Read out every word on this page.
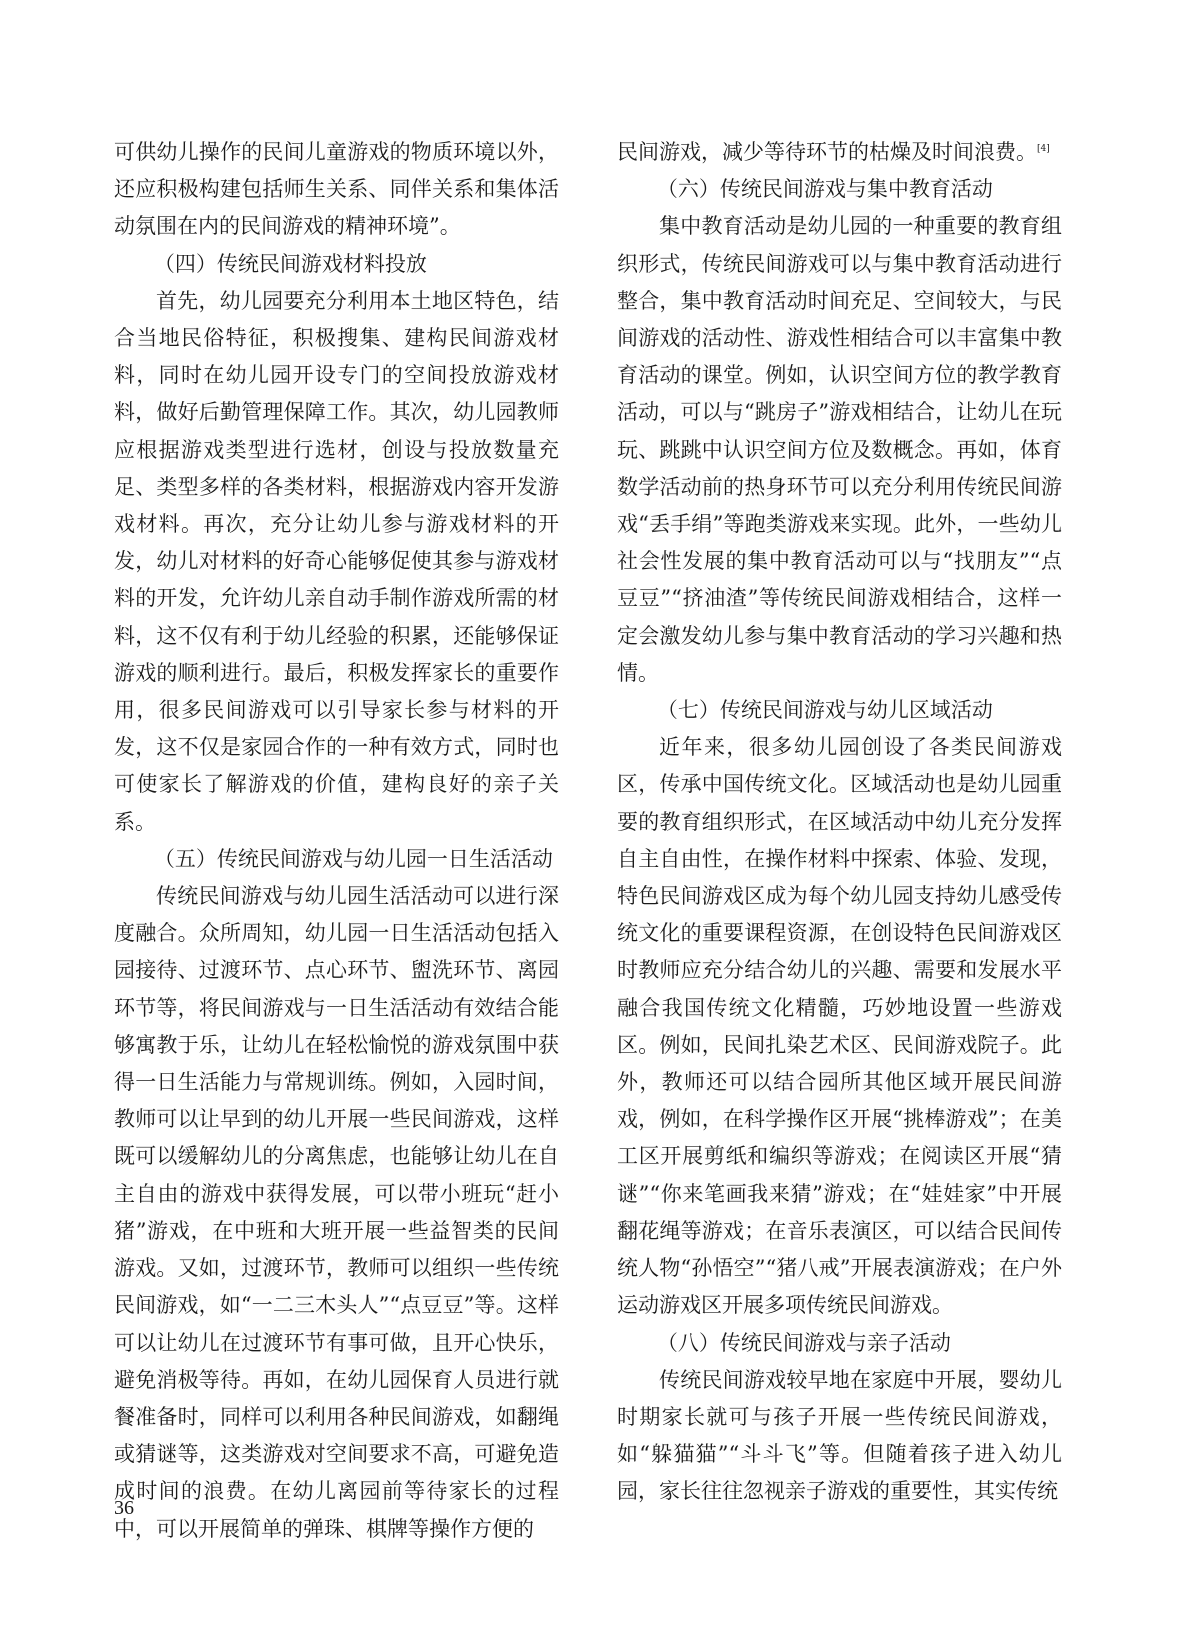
可供幼儿操作的民间儿童游戏的物质环境以外，还应积极构建包括师生关系、同伴关系和集体活动氛围在内的民间游戏的精神环境”。

（四）传统民间游戏材料投放

首先，幼儿园要充分利用本土地区特色，结合当地民俗特征，积极搜集、建构民间游戏材料，同时在幼儿园开设专门的空间投放游戏材料，做好后勤管理保障工作。其次，幼儿园教师应根据游戏类型进行选材，创设与投放数量充足、类型多样的各类材料，根据游戏内容开发游戏材料。再次，充分让幼儿参与游戏材料的开发，幼儿对材料的好奇心能够促使其参与游戏材料的开发，允许幼儿亲自动手制作游戏所需的材料，这不仅有利于幼儿经验的积累，还能够保证游戏的顺利进行。最后，积极发挥家长的重要作用，很多民间游戏可以引导家长参与材料的开发，这不仅是家园合作的一种有效方式，同时也可使家长了解游戏的价值，建构良好的亲子关系。

（五）传统民间游戏与幼儿园一日生活活动

传统民间游戏与幼儿园生活活动可以进行深度融合。众所周知，幼儿园一日生活活动包括入园接待、过渡环节、点心环节、盥洗环节、离园环节等，将民间游戏与一日生活活动有效结合能够寓教于乐，让幼儿在轻松愉悦的游戏氛围中获得一日生活能力与常规训练。例如，入园时间，教师可以让早到的幼儿开展一些民间游戏，这样既可以缓解幼儿的分离焦虑，也能够让幼儿在自主自由的游戏中获得发展，可以带小班玩“赶小猪”游戏，在中班和大班开展一些益智类的民间游戏。又如，过渡环节，教师可以组织一些传统民间游戏，如“一二三木头人”“点豆豆”等。这样可以让幼儿在过渡环节有事可做，且开心快乐，避免消极等待。再如，在幼儿园保育人员进行就餐准备时，同样可以利用各种民间游戏，如翻绳或猜谜等，这类游戏对空间要求不高，可避免造成时间的浪费。在幼儿离园前等待家长的过程中，可以开展简单的弹珠、棋牌等操作方便的

民间游戏，减少等待环节的枯燥及时间浪费。[4]

（六）传统民间游戏与集中教育活动

集中教育活动是幼儿园的一种重要的教育组织形式，传统民间游戏可以与集中教育活动进行整合，集中教育活动时间充足、空间较大，与民间游戏的活动性、游戏性相结合可以丰富集中教育活动的课堂。例如，认识空间方位的教学教育活动，可以与“跳房子”游戏相结合，让幼儿在玩玩、跳跳中认识空间方位及数概念。再如，体育数学活动前的热身环节可以充分利用传统民间游戏“丢手绢”等跑类游戏来实现。此外，一些幼儿社会性发展的集中教育活动可以与“找朋友”“点豆豆”“挤油渣”等传统民间游戏相结合，这样一定会激发幼儿参与集中教育活动的学习兴趣和热情。

（七）传统民间游戏与幼儿区域活动

近年来，很多幼儿园创设了各类民间游戏区，传承中国传统文化。区域活动也是幼儿园重要的教育组织形式，在区域活动中幼儿充分发挥自主自由性，在操作材料中探索、体验、发现，特色民间游戏区成为每个幼儿园支持幼儿感受传统文化的重要课程资源，在创设特色民间游戏区时教师应充分结合幼儿的兴趣、需要和发展水平融合我国传统文化精髓，巧妙地设置一些游戏区。例如，民间扎染艺术区、民间游戏院子。此外，教师还可以结合园所其他区域开展民间游戏，例如，在科学操作区开展“挑棒游戏”；在美工区开展剪纸和编织等游戏；在阅读区开展“猜谜”“你来笔画我来猜”游戏；在“娃娃家”中开展翻花绳等游戏；在音乐表演区，可以结合民间传统人物“孙悟空”“猪八戒”开展表演游戏；在户外运动游戏区开展多项传统民间游戏。

（八）传统民间游戏与亲子活动

传统民间游戏较早地在家庭中开展，婴幼儿时期家长就可与孩子开展一些传统民间游戏，如“躲猫猫”“斗斗飞”等。但随着孩子进入幼儿园，家长往往忽视亲子游戏的重要性，其实传统

36
